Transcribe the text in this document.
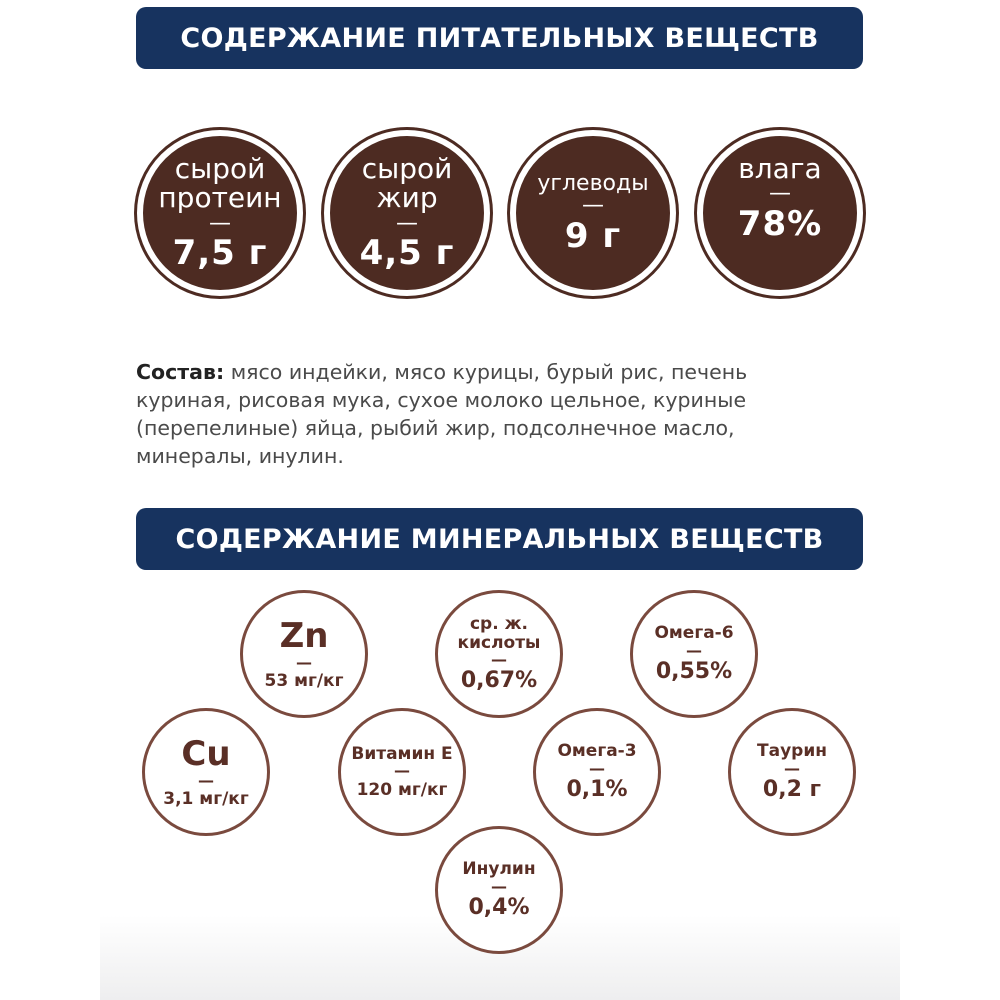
СОДЕРЖАНИЕ ПИТАТЕЛЬНЫХ ВЕЩЕСТВ
сырой
протеин
—
7,5 г
сырой
жир
—
4,5 г
углеводы
—
9 г
влага
—
78%
Состав: мясо индейки, мясо курицы, бурый рис, печень куриная, рисовая мука, сухое молоко цельное, куриные (перепелиные) яйца, рыбий жир, подсолнечное масло, минералы, инулин.
СОДЕРЖАНИЕ МИНЕРАЛЬНЫХ ВЕЩЕСТВ
Zn
—
53 мг/кг
ср. ж.
кислоты
—
0,67%
Омега-6
—
0,55%
Cu
—
3,1 мг/кг
Витамин Е
—
120 мг/кг
Омега-3
—
0,1%
Таурин
—
0,2 г
Инулин
—
0,4%
